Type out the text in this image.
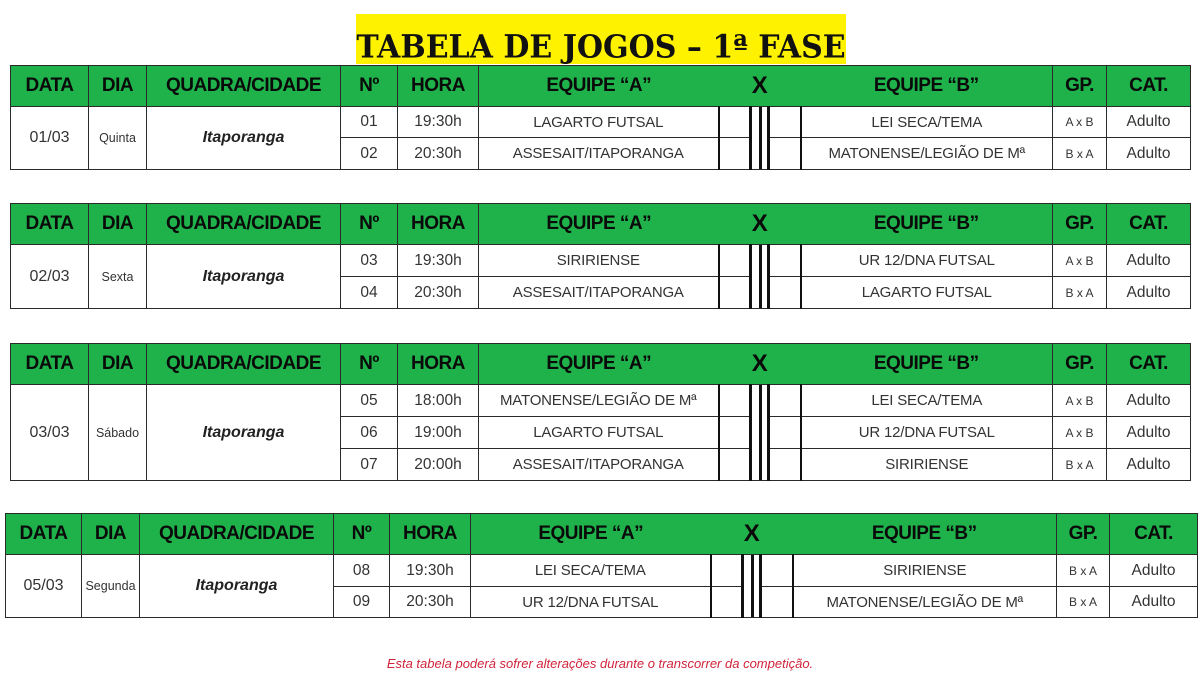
TABELA DE JOGOS – 1ª FASE
DATA	DIA	QUADRA/CIDADE	Nº	HORA	EQUIPE “A”	X			EQUIPE “B”	GP.	CAT.
01/03	Quinta	Itaporanga	01	19:30h	LAGARTO FUTSAL				LEI SECA/TEMA	A x B	Adulto
			02	20:30h	ASSESAIT/ITAPORANGA				MATONENSE/LEGIÃO DE Mª	B x A	Adulto
DATA	DIA	QUADRA/CIDADE	Nº	HORA	EQUIPE “A”	X			EQUIPE “B”	GP.	CAT.
02/03	Sexta	Itaporanga	03	19:30h	SIRIRIENSE				UR 12/DNA FUTSAL	A x B	Adulto
			04	20:30h	ASSESAIT/ITAPORANGA				LAGARTO FUTSAL	B x A	Adulto
DATA	DIA	QUADRA/CIDADE	Nº	HORA	EQUIPE “A”	X			EQUIPE “B”	GP.	CAT.
03/03	Sábado	Itaporanga	05	18:00h	MATONENSE/LEGIÃO DE Mª				LEI SECA/TEMA	A x B	Adulto
			06	19:00h	LAGARTO FUTSAL				UR 12/DNA FUTSAL	A x B	Adulto
			07	20:00h	ASSESAIT/ITAPORANGA				SIRIRIENSE	B x A	Adulto
DATA	DIA	QUADRA/CIDADE	Nº	HORA	EQUIPE “A”	X			EQUIPE “B”	GP.	CAT.
05/03	Segunda	Itaporanga	08	19:30h	LEI SECA/TEMA				SIRIRIENSE	B x A	Adulto
			09	20:30h	UR 12/DNA FUTSAL				MATONENSE/LEGIÃO DE Mª	B x A	Adulto
Esta tabela poderá sofrer alterações durante o transcorrer da competição.
